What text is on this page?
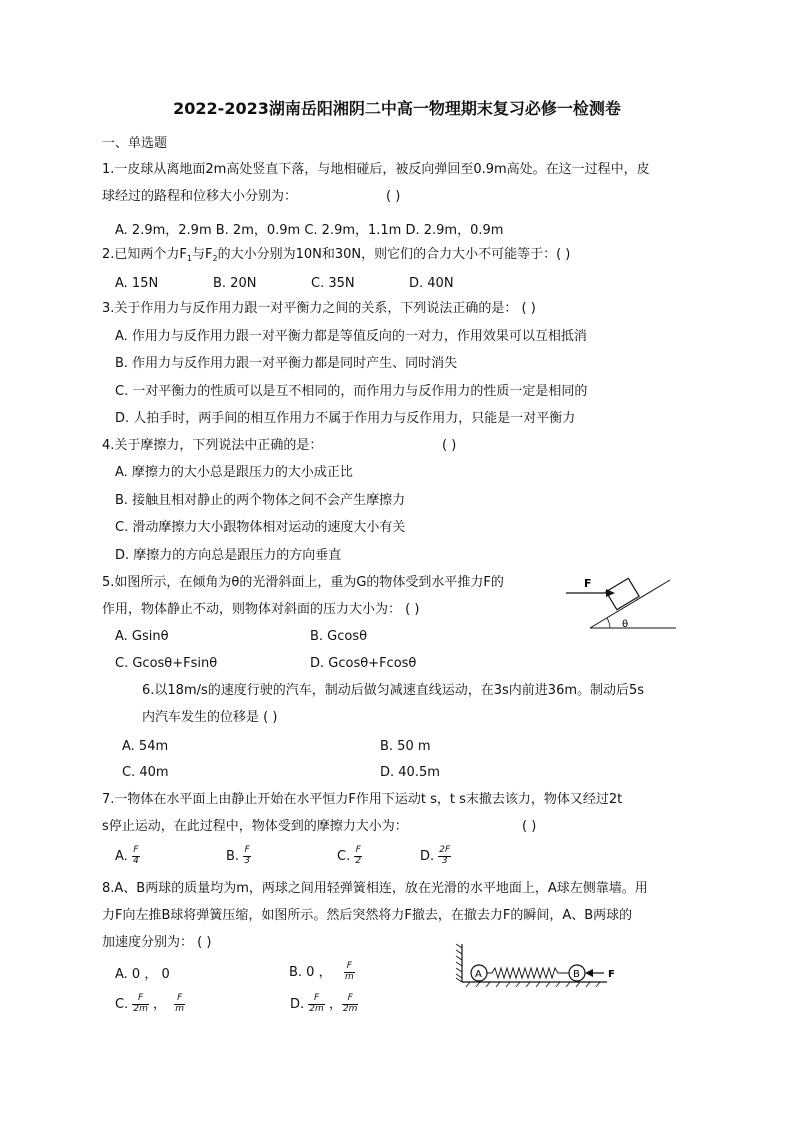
2022-2023湖南岳阳湘阴二中高一物理期末复习必修一检测卷
一、单选题
1.一皮球从离地面2m高处竖直下落，与地相碰后，被反向弹回至0.9m高处。在这一过程中，皮
球经过的路程和位移大小分别为：	( )
A. 2.9m，2.9m B. 2m，0.9m C. 2.9m，1.1m D. 2.9m，0.9m
2.已知两个力$F_1$与$F_2$的大小分别为10N和30N，则它们的合力大小不可能等于：( )
A. 15N	B. 20N	C. 35N	D. 40N
3.关于作用力与反作用力跟一对平衡力之间的关系，下列说法正确的是： ( )
A. 作用力与反作用力跟一对平衡力都是等值反向的一对力，作用效果可以互相抵消
B. 作用力与反作用力跟一对平衡力都是同时产生、同时消失
C. 一对平衡力的性质可以是互不相同的，而作用力与反作用力的性质一定是相同的
D. 人拍手时，两手间的相互作用力不属于作用力与反作用力，只能是一对平衡力
4.关于摩擦力，下列说法中正确的是：	( )
A. 摩擦力的大小总是跟压力的大小成正比
B. 接触且相对静止的两个物体之间不会产生摩擦力
C. 滑动摩擦力大小跟物体相对运动的速度大小有关
D. 摩擦力的方向总是跟压力的方向垂直
5.如图所示，在倾角为θ的光滑斜面上，重为G的物体受到水平推力F的
作用，物体静止不动，则物体对斜面的压力大小为： ( )
A. Gsinθ	B. Gcosθ
C. Gcosθ+Fsinθ	D. Gcosθ+Fcosθ
F
θ
6.以18m/s的速度行驶的汽车，制动后做匀减速直线运动，在3s内前进36m。制动后5s
内汽车发生的位移是 ( )
A. 54m	B. 50 m
C. 40m	D. 40.5m
7.一物体在水平面上由静止开始在水平恒力F作用下运动t s，t s末撤去该力，物体又经过2t
s停止运动，在此过程中，物体受到的摩擦力大小为：	( )
A. $\frac{F}{4}$	B. $\frac{F}{3}$	C. $\frac{F}{2}$	D. $\frac{2F}{3}$
8.A、B两球的质量均为m，两球之间用轻弹簧相连，放在光滑的水平地面上，A球左侧靠墙。用
力F向左推B球将弹簧压缩，如图所示。然后突然将力F撤去，在撤去力F的瞬间，A、B两球的
加速度分别为： ( )
A. 0 ， 0	B. 0 ， $\frac{F}{m}$
C. $\frac{F}{2m}$ ， $\frac{F}{m}$	D. $\frac{F}{2m}$ ， $\frac{F}{2m}$
A	B	F
